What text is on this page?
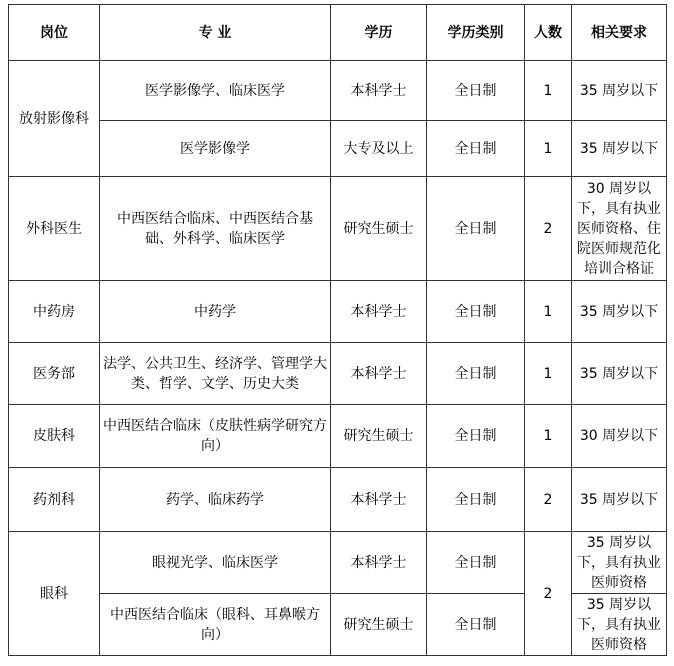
岗位	专 业	学历	学历类别	人数	相关要求
放射影像科	医学影像学、临床医学	本科学士	全日制	1	35 周岁以下
	医学影像学	大专及以上	全日制	1	35 周岁以下
外科医生	中西医结合临床、中西医结合基础、外科学、临床医学	研究生硕士	全日制	2	30 周岁以下，具有执业医师资格、住院医师规范化培训合格证

中药房	中药学	本科学士	全日制	1	35 周岁以下
医务部	法学、公共卫生、经济学、管理学大类、哲学、文学、历史大类	本科学士	全日制	1	35 周岁以下
皮肤科	中西医结合临床（皮肤性病学研究方向）	研究生硕士	全日制	1	30 周岁以下
药剂科	药学、临床药学	本科学士	全日制	2	35 周岁以下
眼科	眼视光学、临床医学	本科学士	全日制	2	35 周岁以下，具有执业医师资格

	中西医结合临床（眼科、耳鼻喉方向）	研究生硕士	全日制		35 周岁以下，具有执业医师资格
